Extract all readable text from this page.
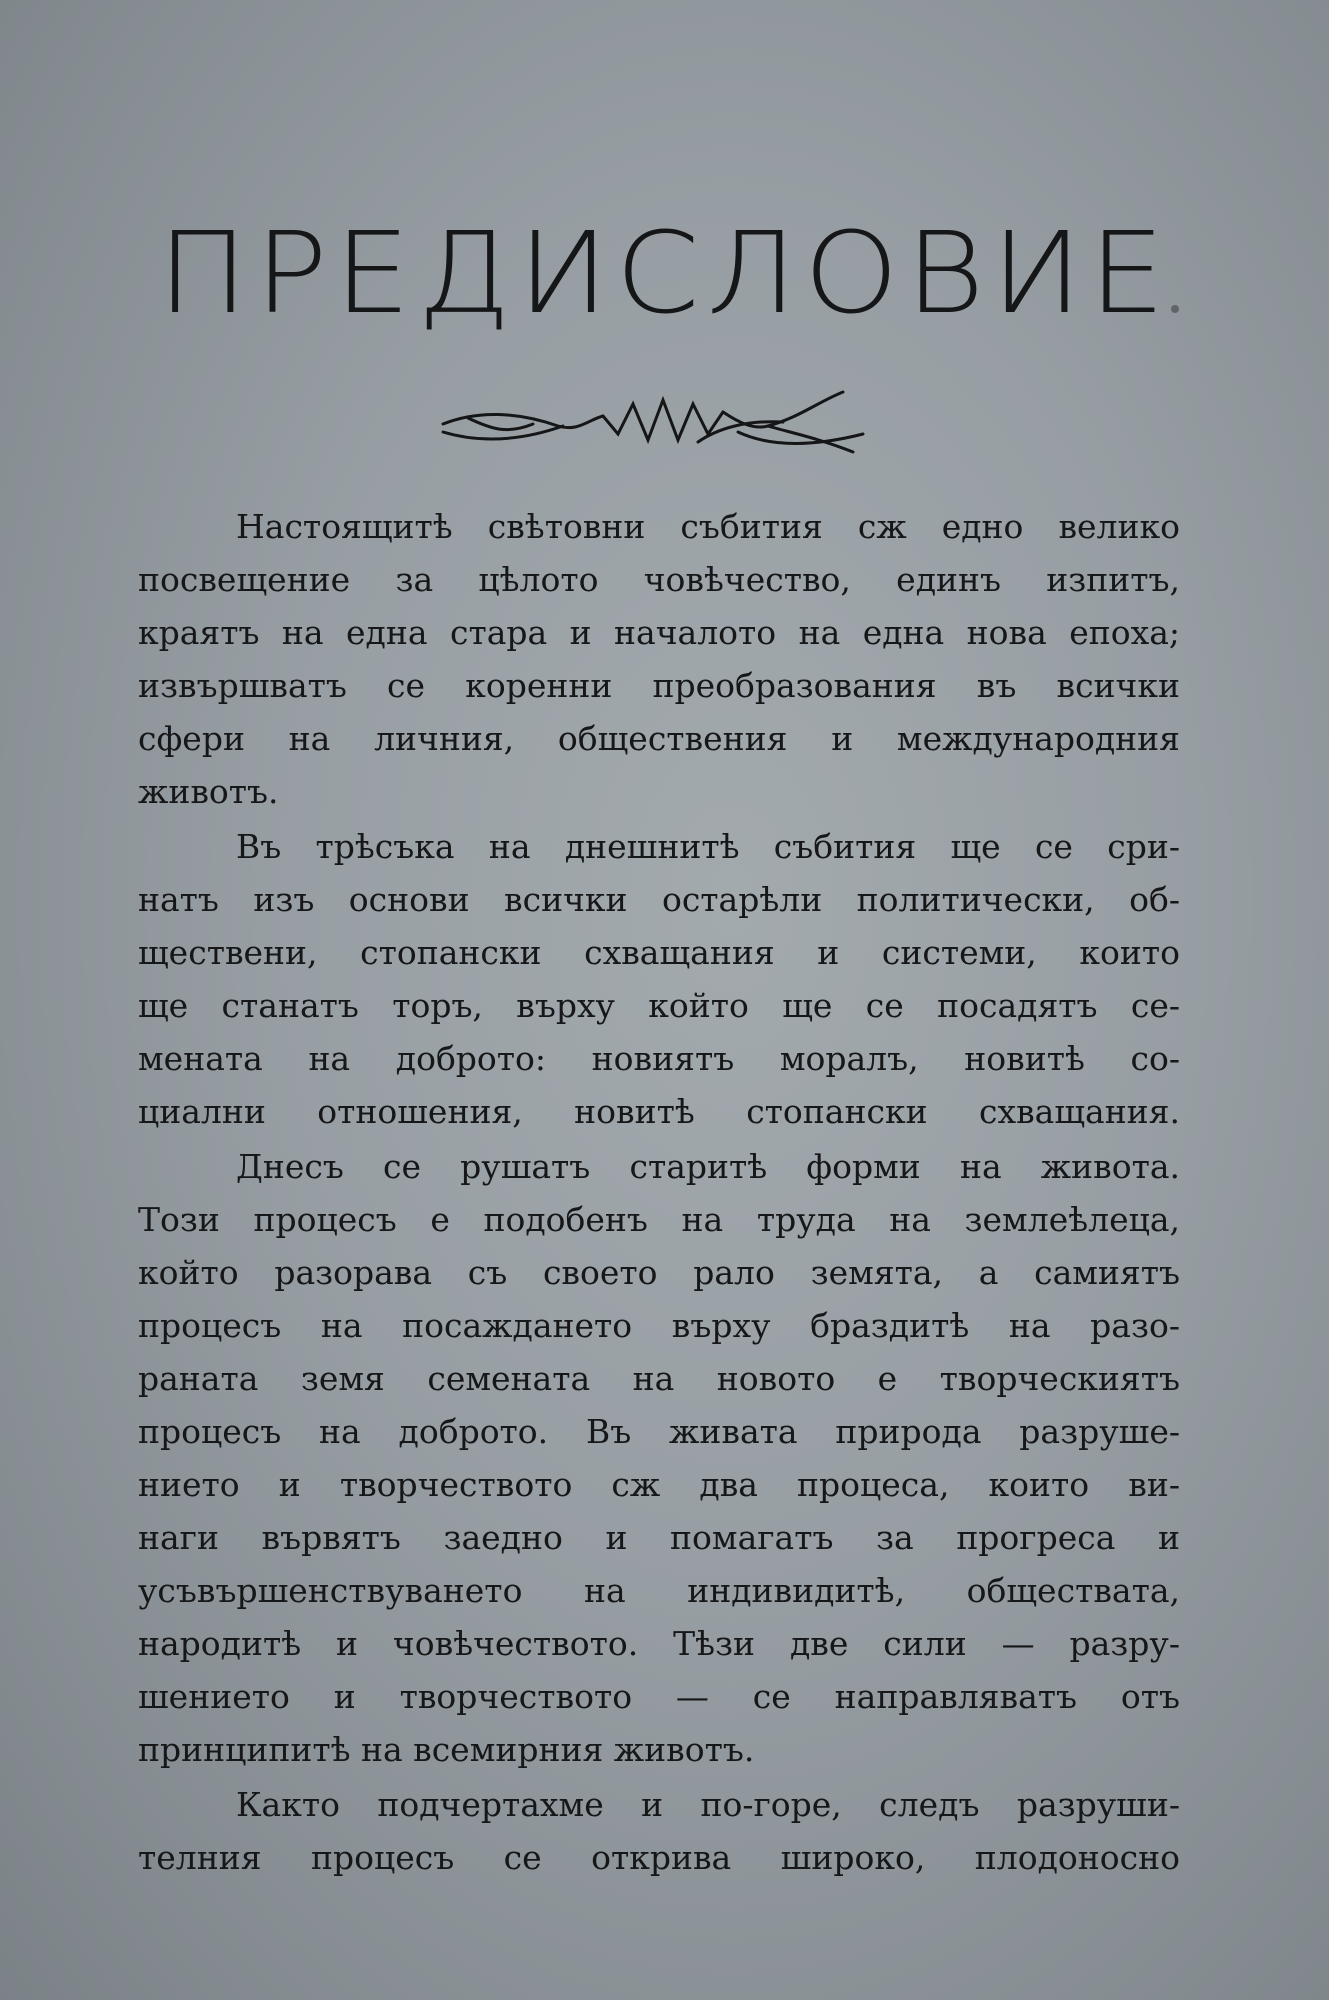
ПРЕДИСЛОВИЕ
Настоящитѣ свѣтовни събития сж едно велико
посвещение за цѣлото човѣчество, единъ изпитъ,
краятъ на една стара и началото на една нова епоха;
извършватъ се коренни преобразования въ всички
сфери на личния, обществения и международния
животъ.
Въ трѣсъка на днешнитѣ събития ще се сри-
натъ изъ основи всички остарѣли политически, об-
ществени, стопански схващания и системи, които
ще станатъ торъ, върху който ще се посадятъ се-
мената на доброто: новиятъ моралъ, новитѣ со-
циални отношения, новитѣ стопански схващания.
Днесъ се рушатъ старитѣ форми на живота.
Този процесъ е подобенъ на труда на землеѣлеца,
който разорава съ своето рало земята, а самиятъ
процесъ на посаждането върху браздитѣ на разо-
раната земя семената на новото е творческиятъ
процесъ на доброто. Въ живата природа разруше-
нието и творчеството сж два процеса, които ви-
наги вървятъ заедно и помагатъ за прогреса и
усъвършенствуването на индивидитѣ, обществата,
народитѣ и човѣчеството. Тѣзи две сили — разру-
шението и творчеството — се направляватъ отъ
принципитѣ на всемирния животъ.
Както подчертахме и по-горе, следъ разруши-
телния процесъ се открива широко, плодоносно
